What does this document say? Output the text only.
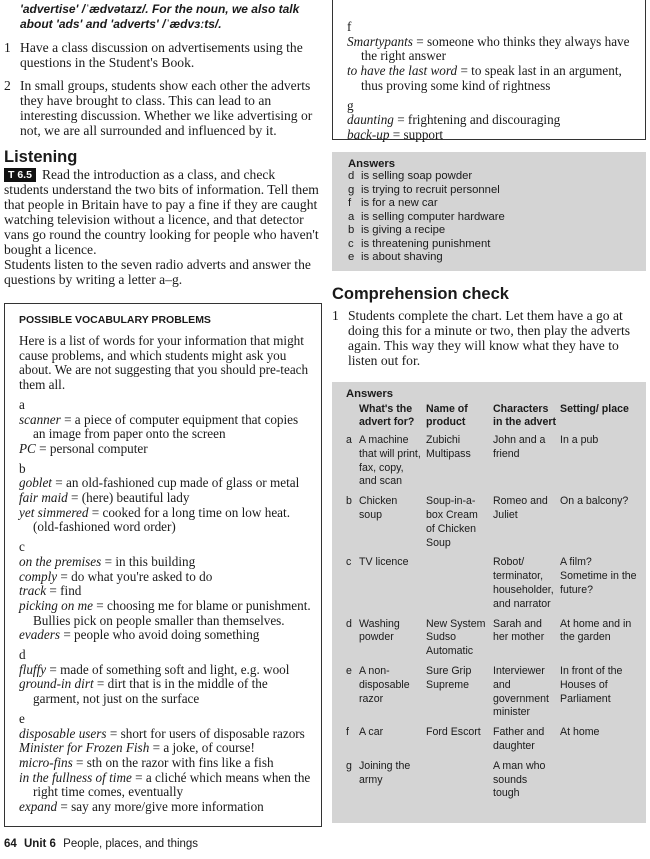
'advertise' /ˈædvətaɪz/. For the noun, we also talk
about 'ads' and 'adverts' /ˈædvɜːts/.
1 Have a class discussion on advertisements using the questions in the Student's Book.
2 In small groups, students show each other the adverts they have brought to class. This can lead to an interesting discussion. Whether we like advertising or not, we are all surrounded and influenced by it.
Listening

T 6.5 Read the introduction as a class, and check students understand the two bits of information. Tell them that people in Britain have to pay a fine if they are caught watching television without a licence, and that detector vans go round the country looking for people who haven't bought a licence.
Students listen to the seven radio adverts and answer the questions by writing a letter a–g.

POSSIBLE VOCABULARY PROBLEMS
Here is a list of words for your information that might cause problems, and which students might ask you about. We are not suggesting that you should pre-teach them all.
a
scanner = a piece of computer equipment that copies an image from paper onto the screen
PC = personal computer
b
goblet = an old-fashioned cup made of glass or metal
fair maid = (here) beautiful lady
yet simmered = cooked for a long time on low heat. (old-fashioned word order)
c
on the premises = in this building
comply = do what you're asked to do
track = find
picking on me = choosing me for blame or punishment. Bullies pick on people smaller than themselves.
evaders = people who avoid doing something
d
fluffy = made of something soft and light, e.g. wool
ground-in dirt = dirt that is in the middle of the garment, not just on the surface
e
disposable users = short for users of disposable razors
Minister for Frozen Fish = a joke, of course!
micro-fins = sth on the razor with fins like a fish
in the fullness of time = a cliché which means when the right time comes, eventually
expand = say any more/give more information
f
Smartypants = someone who thinks they always have the right answer
to have the last word = to speak last in an argument, thus proving some kind of rightness
g
daunting = frightening and discouraging
back-up = support
Answers
d is selling soap powder
g is trying to recruit personnel
f is for a new car
a is selling computer hardware
b is giving a recipe
c is threatening punishment
e is about shaving
Comprehension check
1 Students complete the chart. Let them have a go at doing this for a minute or two, then play the adverts again. This way they will know what they have to listen out for.
Answers
	What's the advert for?	Name of product	Characters in the advert	Setting/ place
a	A machine that will print, fax, copy, and scan	Zubichi Multipass	John and a friend	In a pub
b	Chicken soup	Soup-in-a-box Cream of Chicken Soup	Romeo and Juliet	On a balcony?
c	TV licence		Robot/ terminator, householder, and narrator	A film? Sometime in the future?
d	Washing powder	New System Sudso Automatic	Sarah and her mother	At home and in the garden
e	A non-disposable razor	Sure Grip Supreme	Interviewer and government minister	In front of the Houses of Parliament
f	A car	Ford Escort	Father and daughter	At home
g	Joining the army		A man who sounds tough	
64 Unit 6 People, places, and things
